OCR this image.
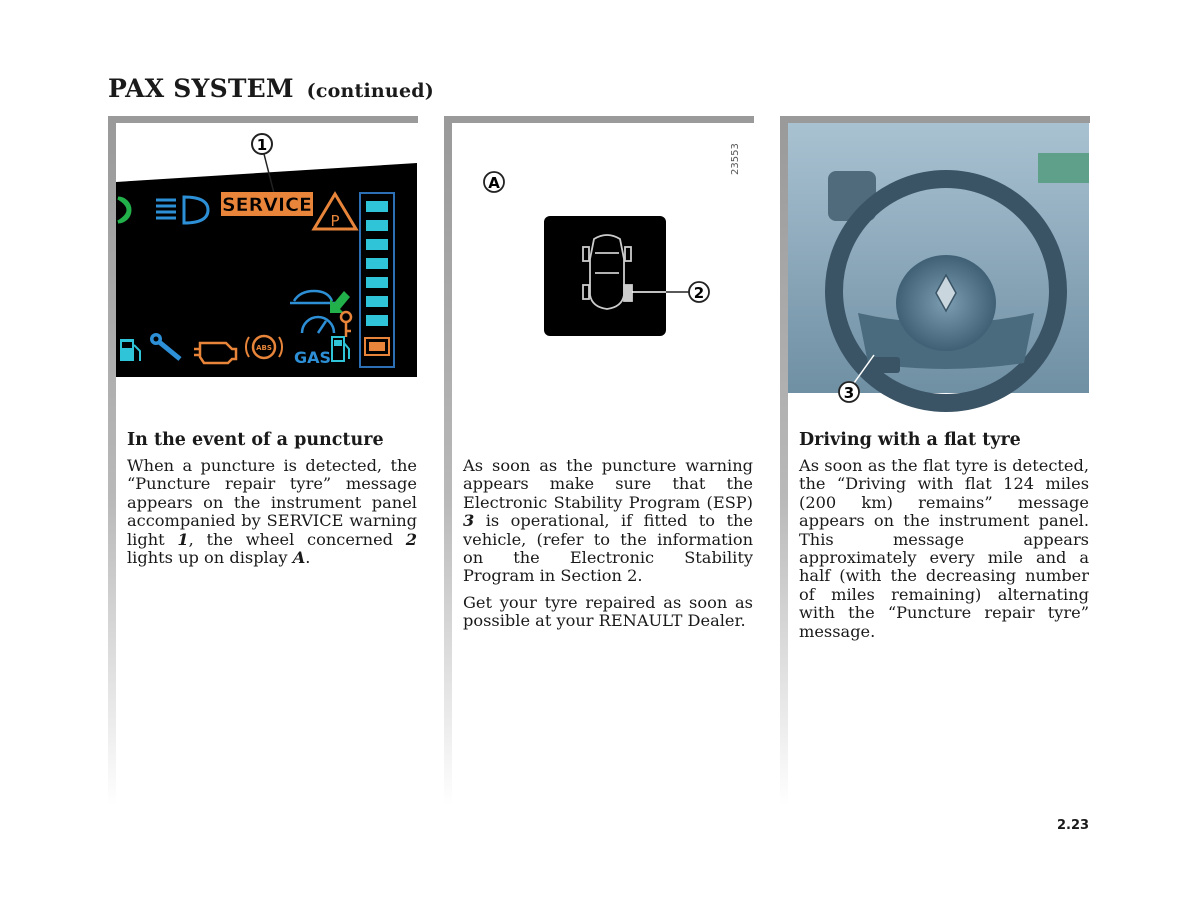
PAX SYSTEM (continued)
1
SERVICE
P
ABS GAS
In the event of a puncture

When a puncture is detected, the “Puncture repair tyre” message appears on the instrument panel accompanied by SERVICE warning light 1, the wheel concerned 2 lights up on display A.

23553
A
2

As soon as the puncture warning appears make sure that the Electronic Stability Program (ESP) 3 is operational, if fitted to the vehicle, (refer to the information on the Electronic Stability Program in Section 2.

Get your tyre repaired as soon as possible at your RENAULT Dealer.

3
Driving with a flat tyre
As soon as the flat tyre is detected, the “Driving with flat 124 miles (200 km) remains” message appears on the instrument panel. This message appears approximately every mile and a half (with the decreasing number of miles remaining) alternating with the “Puncture repair tyre” message.
2.23
